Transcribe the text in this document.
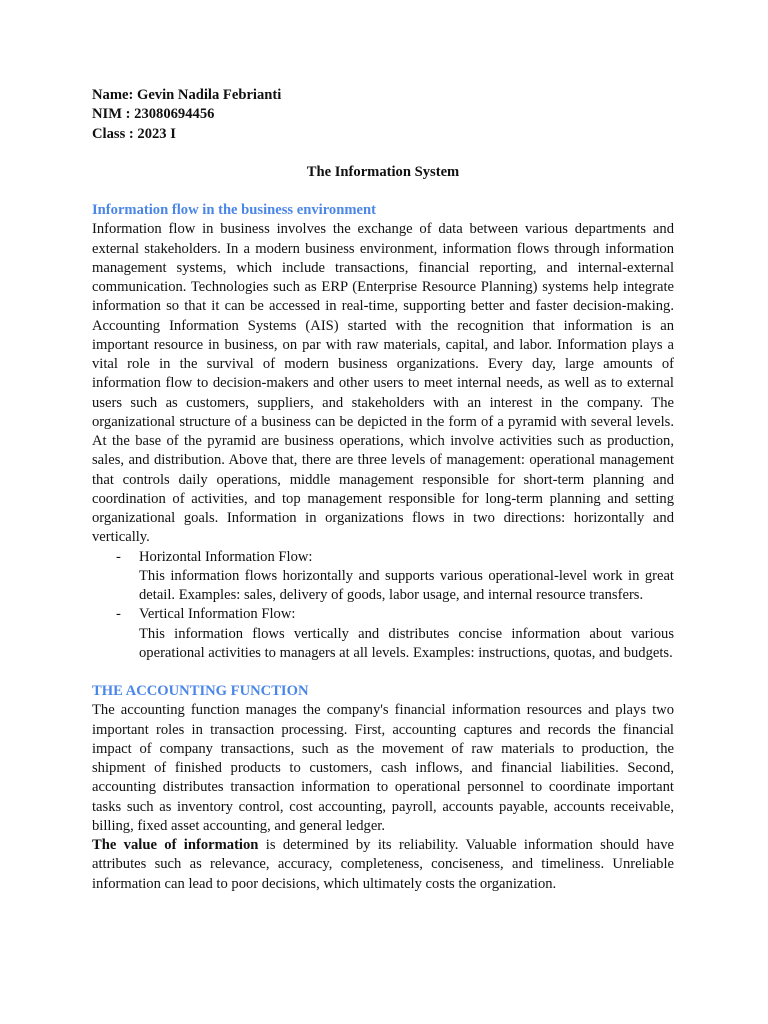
Name: Gevin Nadila Febrianti

NIM : 23080694456

Class : 2023 I

The Information System
Information flow in the business environment

Information flow in business involves the exchange of data between various departments and external stakeholders. In a modern business environment, information flows through information management systems, which include transactions, financial reporting, and internal-external communication. Technologies such as ERP (Enterprise Resource Planning) systems help integrate information so that it can be accessed in real-time, supporting better and faster decision-making. Accounting Information Systems (AIS) started with the recognition that information is an important resource in business, on par with raw materials, capital, and labor. Information plays a vital role in the survival of modern business organizations. Every day, large amounts of information flow to decision-makers and other users to meet internal needs, as well as to external users such as customers, suppliers, and stakeholders with an interest in the company. The organizational structure of a business can be depicted in the form of a pyramid with several levels. At the base of the pyramid are business operations, which involve activities such as production, sales, and distribution. Above that, there are three levels of management: operational management that controls daily operations, middle management responsible for short-term planning and coordination of activities, and top management responsible for long-term planning and setting organizational goals. Information in organizations flows in two directions: horizontally and vertically.

-	Horizontal Information Flow:

This information flows horizontally and supports various operational-level work in great detail. Examples: sales, delivery of goods, labor usage, and internal resource transfers.

-	Vertical Information Flow:

This information flows vertically and distributes concise information about various operational activities to managers at all levels. Examples: instructions, quotas, and budgets.

THE ACCOUNTING FUNCTION

The accounting function manages the company's financial information resources and plays two important roles in transaction processing. First, accounting captures and records the financial impact of company transactions, such as the movement of raw materials to production, the shipment of finished products to customers, cash inflows, and financial liabilities. Second, accounting distributes transaction information to operational personnel to coordinate important tasks such as inventory control, cost accounting, payroll, accounts payable, accounts receivable, billing, fixed asset accounting, and general ledger.

The value of information is determined by its reliability. Valuable information should have attributes such as relevance, accuracy, completeness, conciseness, and timeliness. Unreliable information can lead to poor decisions, which ultimately costs the organization.
